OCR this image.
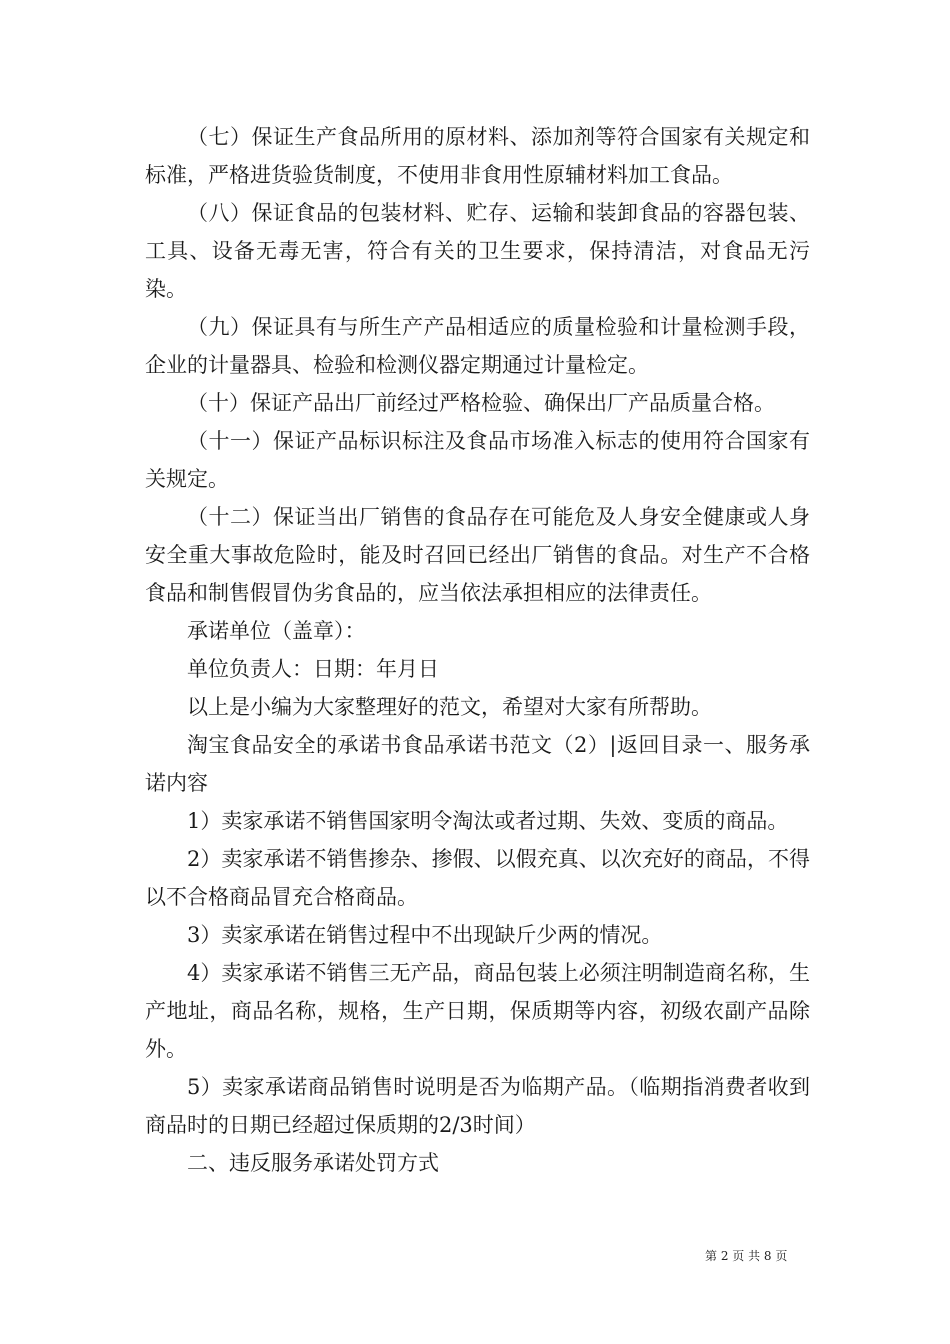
（七）保证生产食品所用的原材料、添加剂等符合国家有关规定和标准，严格进货验货制度，不使用非食用性原辅材料加工食品。

（八）保证食品的包装材料、贮存、运输和装卸食品的容器包装、工具、设备无毒无害，符合有关的卫生要求，保持清洁，对食品无污染。

（九）保证具有与所生产产品相适应的质量检验和计量检测手段，企业的计量器具、检验和检测仪器定期通过计量检定。

（十）保证产品出厂前经过严格检验、确保出厂产品质量合格。

（十一）保证产品标识标注及食品市场准入标志的使用符合国家有关规定。

（十二）保证当出厂销售的食品存在可能危及人身安全健康或人身安全重大事故危险时，能及时召回已经出厂销售的食品。对生产不合格食品和制售假冒伪劣食品的，应当依法承担相应的法律责任。

承诺单位（盖章）：

单位负责人：日期：年月日

以上是小编为大家整理好的范文，希望对大家有所帮助。

淘宝食品安全的承诺书食品承诺书范文（2）|返回目录一、服务承诺内容

1）卖家承诺不销售国家明令淘汰或者过期、失效、变质的商品。

2）卖家承诺不销售掺杂、掺假、以假充真、以次充好的商品，不得以不合格商品冒充合格商品。

3）卖家承诺在销售过程中不出现缺斤少两的情况。

4）卖家承诺不销售三无产品，商品包装上必须注明制造商名称，生产地址，商品名称，规格，生产日期，保质期等内容，初级农副产品除外。

5）卖家承诺商品销售时说明是否为临期产品。（临期指消费者收到商品时的日期已经超过保质期的2/3时间）

二、违反服务承诺处罚方式

第 2 页 共 8 页
